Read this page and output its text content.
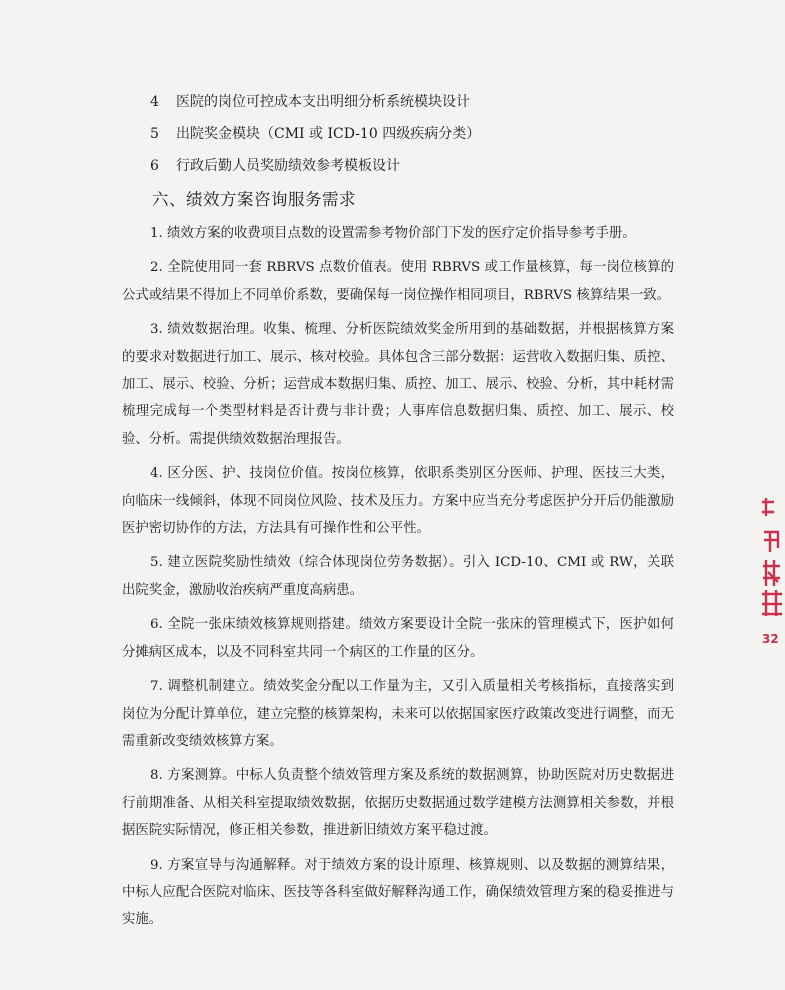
4	医院的岗位可控成本支出明细分析系统模块设计
5	出院奖金模块（CMI 或 ICD-10 四级疾病分类）
6	行政后勤人员奖励绩效参考模板设计
六、绩效方案咨询服务需求

1. 绩效方案的收费项目点数的设置需参考物价部门下发的医疗定价指导参考手册。

2. 全院使用同一套 RBRVS 点数价值表。使用 RBRVS 或工作量核算，每一岗位核算的公式或结果不得加上不同单价系数，要确保每一岗位操作相同项目，RBRVS 核算结果一致。

3. 绩效数据治理。收集、梳理、分析医院绩效奖金所用到的基础数据，并根据核算方案的要求对数据进行加工、展示、核对校验。具体包含三部分数据：运营收入数据归集、质控、加工、展示、校验、分析；运营成本数据归集、质控、加工、展示、校验、分析，其中耗材需梳理完成每一个类型材料是否计费与非计费；人事库信息数据归集、质控、加工、展示、校验、分析。需提供绩效数据治理报告。

4. 区分医、护、技岗位价值。按岗位核算，依职系类别区分医师、护理、医技三大类，向临床一线倾斜，体现不同岗位风险、技术及压力。方案中应当充分考虑医护分开后仍能激励医护密切协作的方法，方法具有可操作性和公平性。

5. 建立医院奖励性绩效（综合体现岗位劳务数据）。引入 ICD-10、CMI 或 RW，关联出院奖金，激励收治疾病严重度高病患。

6. 全院一张床绩效核算规则搭建。绩效方案要设计全院一张床的管理模式下，医护如何分摊病区成本，以及不同科室共同一个病区的工作量的区分。

7. 调整机制建立。绩效奖金分配以工作量为主，又引入质量相关考核指标，直接落实到岗位为分配计算单位，建立完整的核算架构，未来可以依据国家医疗政策改变进行调整，而无需重新改变绩效核算方案。

8. 方案测算。中标人负责整个绩效管理方案及系统的数据测算，协助医院对历史数据进行前期准备、从相关科室提取绩效数据，依据历史数据通过数学建模方法测算相关参数，并根据医院实际情况，修正相关参数，推进新旧绩效方案平稳过渡。

9. 方案宣导与沟通解释。对于绩效方案的设计原理、核算规则、以及数据的测算结果，中标人应配合医院对临床、医技等各科室做好解释沟通工作，确保绩效管理方案的稳妥推进与实施。

32
